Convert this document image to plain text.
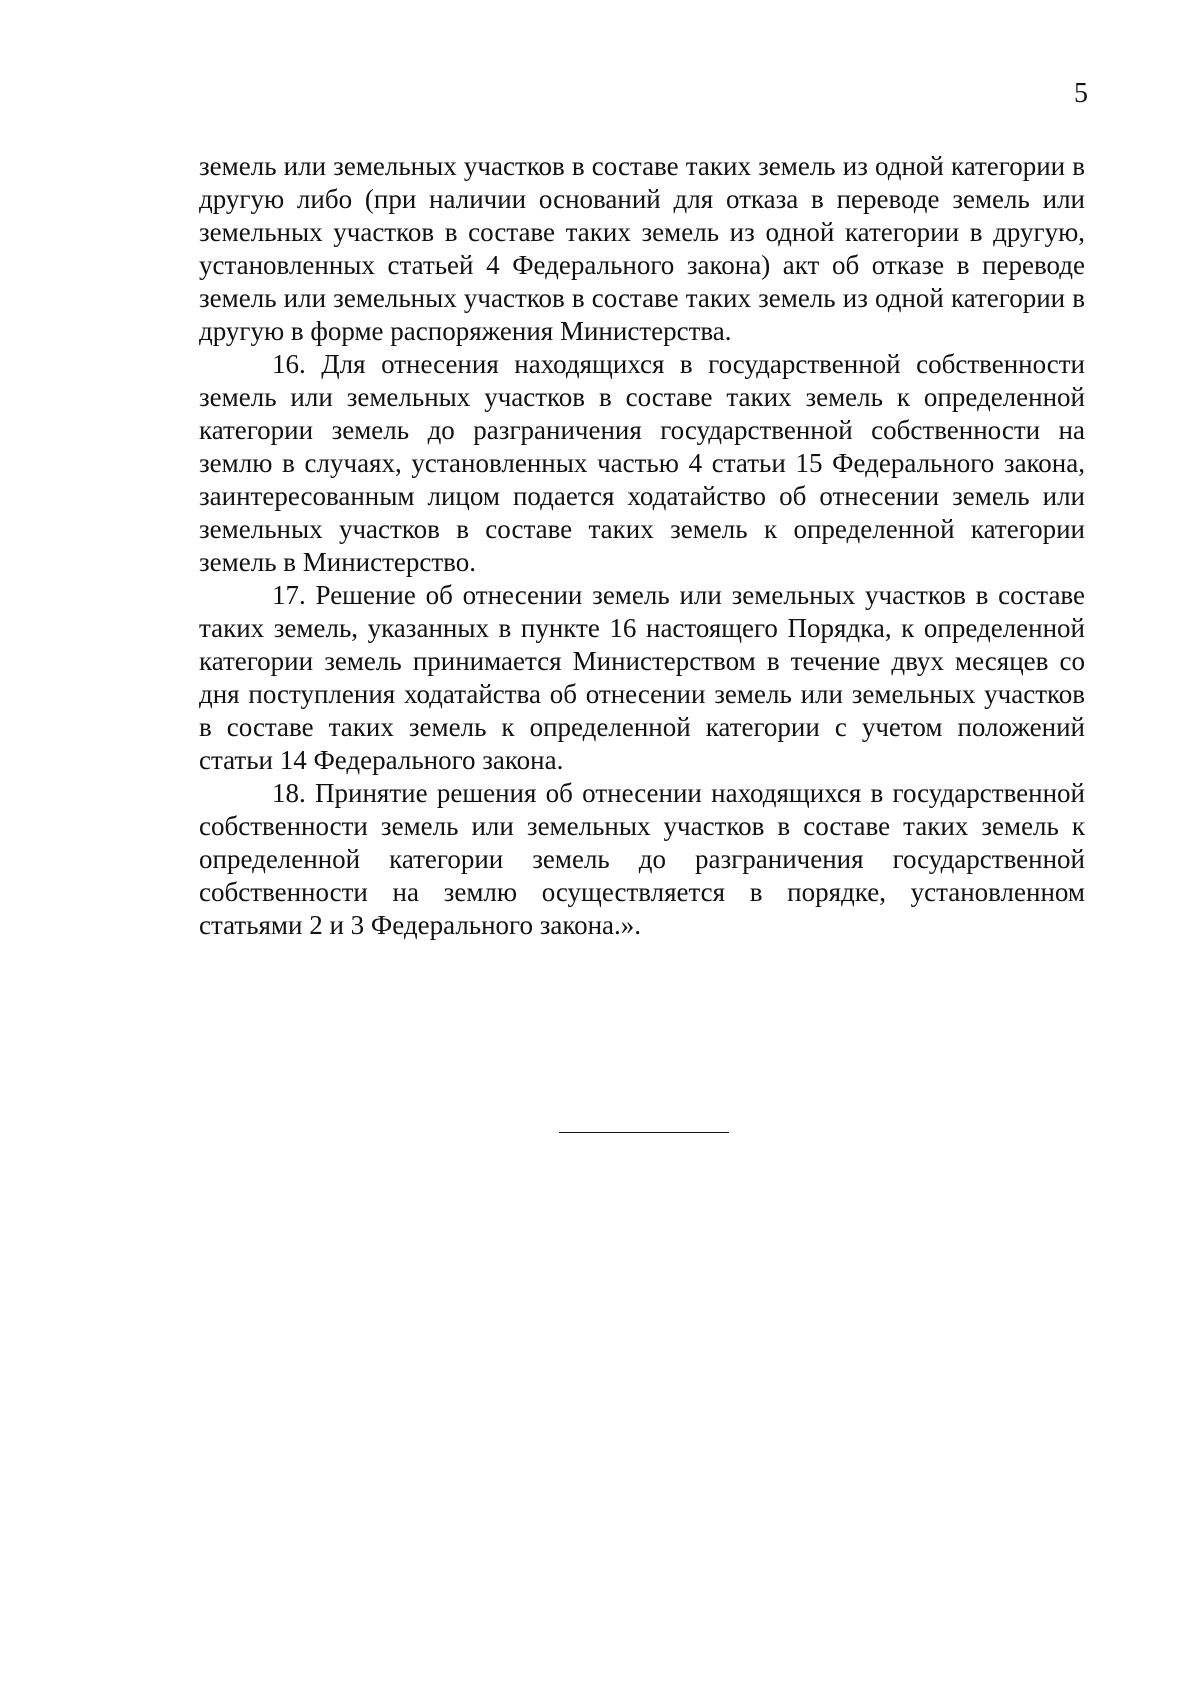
5

земель или земельных участков в составе таких земель из одной категории в другую либо (при наличии оснований для отказа в переводе земель или земельных участков в составе таких земель из одной категории в другую, установленных статьей 4 Федерального закона) акт об отказе в переводе земель или земельных участков в составе таких земель из одной категории в другую в форме распоряжения Министерства.

16. Для отнесения находящихся в государственной собственности земель или земельных участков в составе таких земель к определенной категории земель до разграничения государственной собственности на землю в случаях, установленных частью 4 статьи 15 Федерального закона, заинтересованным лицом подается ходатайство об отнесении земель или земельных участков в составе таких земель к определенной категории земель в Министерство.

17. Решение об отнесении земель или земельных участков в составе таких земель, указанных в пункте 16 настоящего Порядка, к определенной категории земель принимается Министерством в течение двух месяцев со дня поступления ходатайства об отнесении земель или земельных участков в составе таких земель к определенной категории с учетом положений статьи 14 Федерального закона.

18. Принятие решения об отнесении находящихся в государственной собственности земель или земельных участков в составе таких земель к определенной категории земель до разграничения государственной собственности на землю осуществляется в порядке, установленном статьями 2 и 3 Федерального закона.».
